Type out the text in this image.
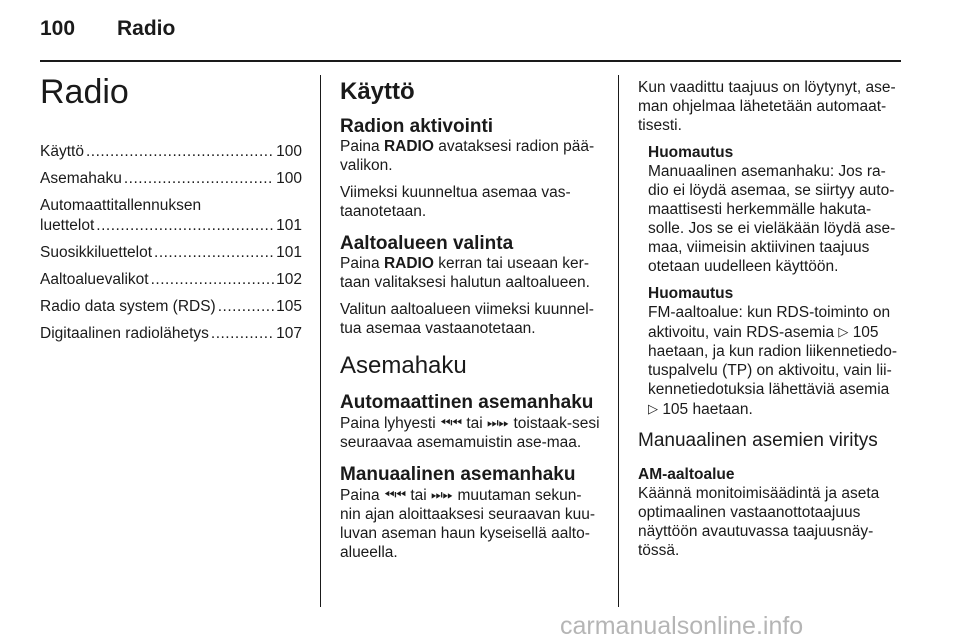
100 Radio
Radio
Käyttö .....	100
Asemahaku .....	100
Automaattitallennuksen
luettelot .....	101
Suosikkiluettelot .....	101
Aaltoaluevalikot .....	102
Radio data system (RDS) .....	105
Digitaalinen radiolähetys .....	107
Käyttö
Radion aktivointi

Paina RADIO avataksesi radion pää-valikon.

Viimeksi kuunneltua asemaa vas-taanotetaan.

Aaltoalueen valinta

Paina RADIO kerran tai useaan ker-taan valitaksesi halutun aaltoalueen.

Valitun aaltoalueen viimeksi kuunnel-tua asemaa vastaanotetaan.

Asemahaku
Automaattinen asemanhaku

Paina lyhyesti ⏪︎⏮︎ tai ⏭︎⏩︎ toistaak-sesi seuraavaa asemamuistin ase-maa.

Manuaalinen asemanhaku

Paina ⏪︎⏮︎ tai ⏭︎⏩︎ muutaman sekun-nin ajan aloittaaksesi seuraavan kuu-luvan aseman haun kyseisellä aalto-alueella.

Kun vaadittu taajuus on löytynyt, ase-man ohjelmaa lähetetään automaat-tisesti.

Huomautus

Manuaalinen asemanhaku: Jos ra-dio ei löydä asemaa, se siirtyy auto-maattisesti herkemmälle hakuta-solle. Jos se ei vieläkään löydä ase-maa, viimeisin aktiivinen taajuus otetaan uudelleen käyttöön.

Huomautus

FM-aaltoalue: kun RDS-toiminto on aktivoitu, vain RDS-asemia ▷ 105 haetaan, ja kun radion liikennetiedo-tuspalvelu (TP) on aktivoitu, vain lii-kennetiedotuksia lähettäviä asemia
▷ 105 haetaan.

Manuaalinen asemien viritys
AM-aaltoalue

Käännä monitoimisäädintä ja aseta optimaalinen vastaanottotaajuus näyttöön avautuvassa taajuusnäy-tössä.

carmanualsonline.info
